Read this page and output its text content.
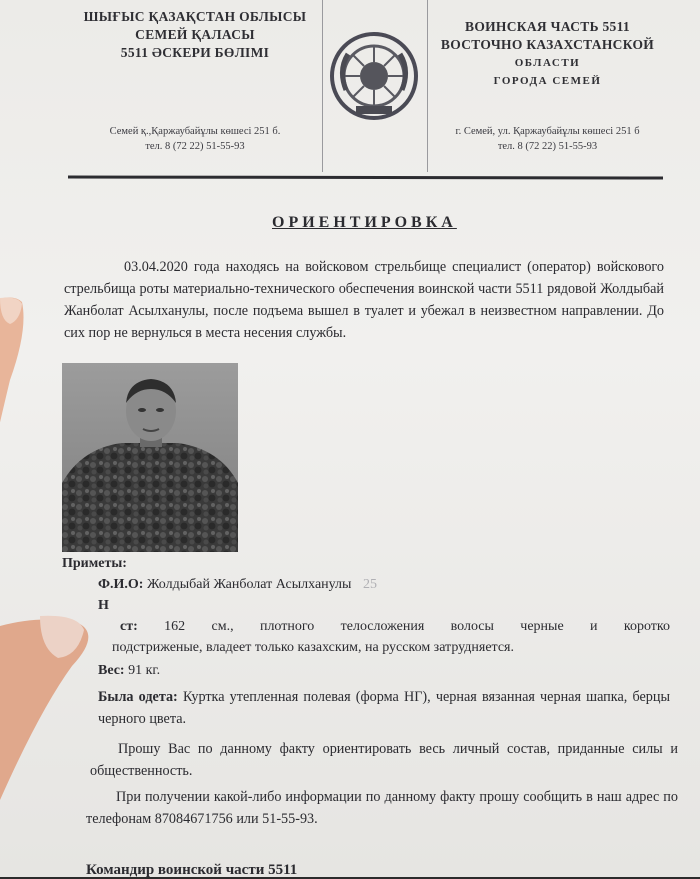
ШЫҒЫС ҚАЗАҚСТАН ОБЛЫСЫ
СЕМЕЙ ҚАЛАСЫ
5511 ӘСКЕРИ БӨЛІМІ
Семей қ.,Қаржаубайұлы көшесі 251 б.
тел. 8 (72 22) 51-55-93
ВОИНСКАЯ ЧАСТЬ 5511
ВОСТОЧНО КАЗАХСТАНСКОЙ
ОБЛАСТИ
ГОРОДА СЕМЕЙ
г. Семей, ул. Қаржаубайұлы көшесі 251 б
тел. 8 (72 22) 51-55-93
ОРИЕНТИРОВКА
03.04.2020 года находясь на войсковом стрельбище специалист (оператор) войскового стрельбища роты материально-технического обеспечения воинской части 5511 рядовой Жолдыбай Жанболат Асылханулы, после подъема вышел в туалет и убежал в неизвестном направлении. До сих пор не вернулься в места несения службы.
Приметы:
Ф.И.О: Жолдыбай Жанболат Асылханулы 25
Н
ст: 162 см., плотного телосложения волосы черные и коротко
подстриженые, владеет только казахским, на русском затрудняется.
Вес: 91 кг.
Была одета: Куртка утепленная полевая (форма НГ), черная вязанная черная шапка, берцы черного цвета.
Прошу Вас по данному факту ориентировать весь личный состав, приданные силы и общественность.
При получении какой-либо информации по данному факту прошу сообщить в наш адрес по телефонам 87084671756 или 51-55-93.
Командир воинской части 5511
